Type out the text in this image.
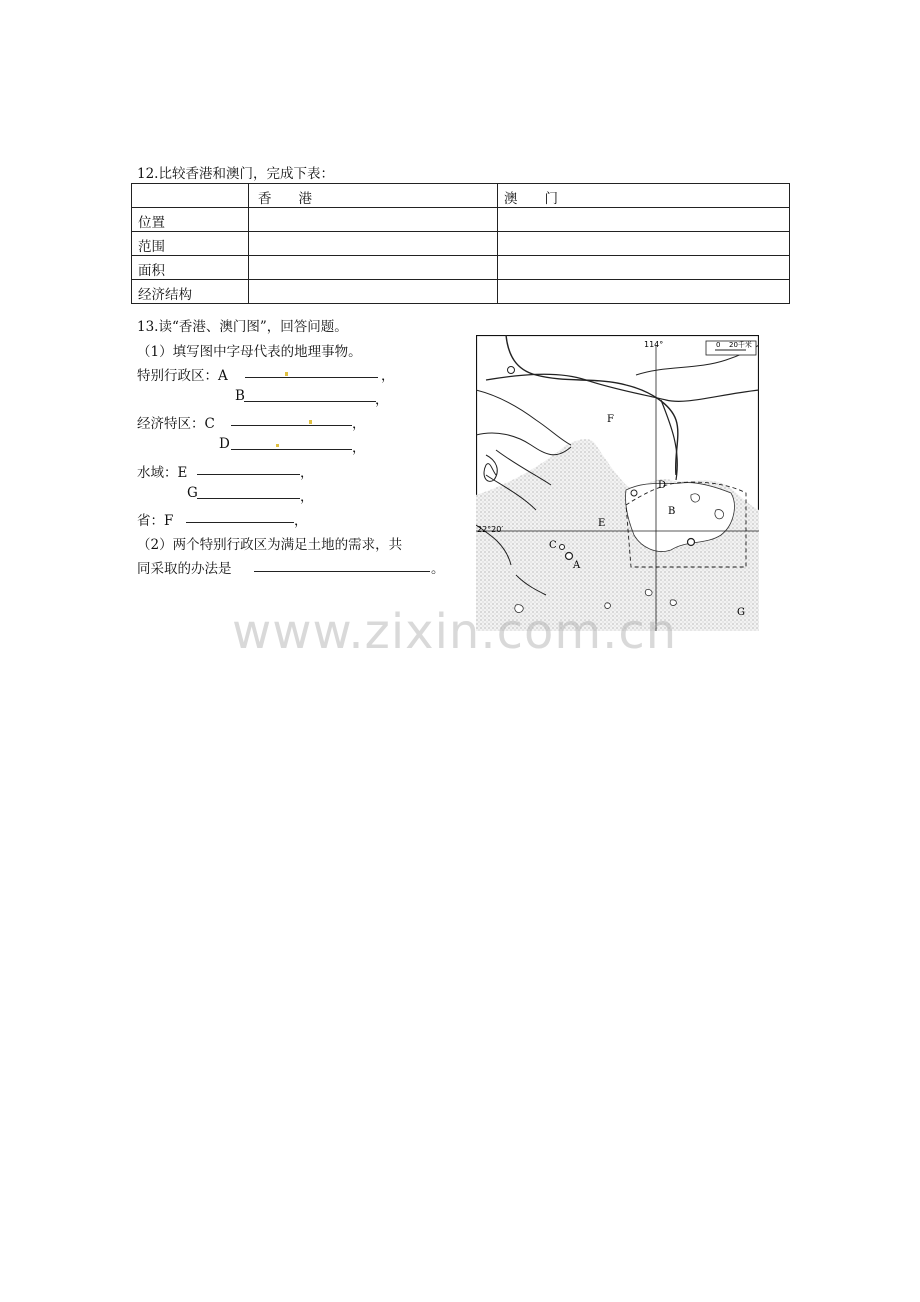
12.比较香港和澳门，完成下表：
	香　　港	澳　　门
位置		
范围		
面积		
经济结构		
13.读“香港、澳门图”，回答问题。
（1）填写图中字母代表的地理事物。
特别行政区：A	，
B	，
经济特区：C	，
D	，
水域：E	，
G	，
省：F	，
（2）两个特别行政区为满足土地的需求，共
同采取的办法是	。
0 20千米
114°
22°20′
F
D
B
E
C
A
G
www.zixin.com.cn
